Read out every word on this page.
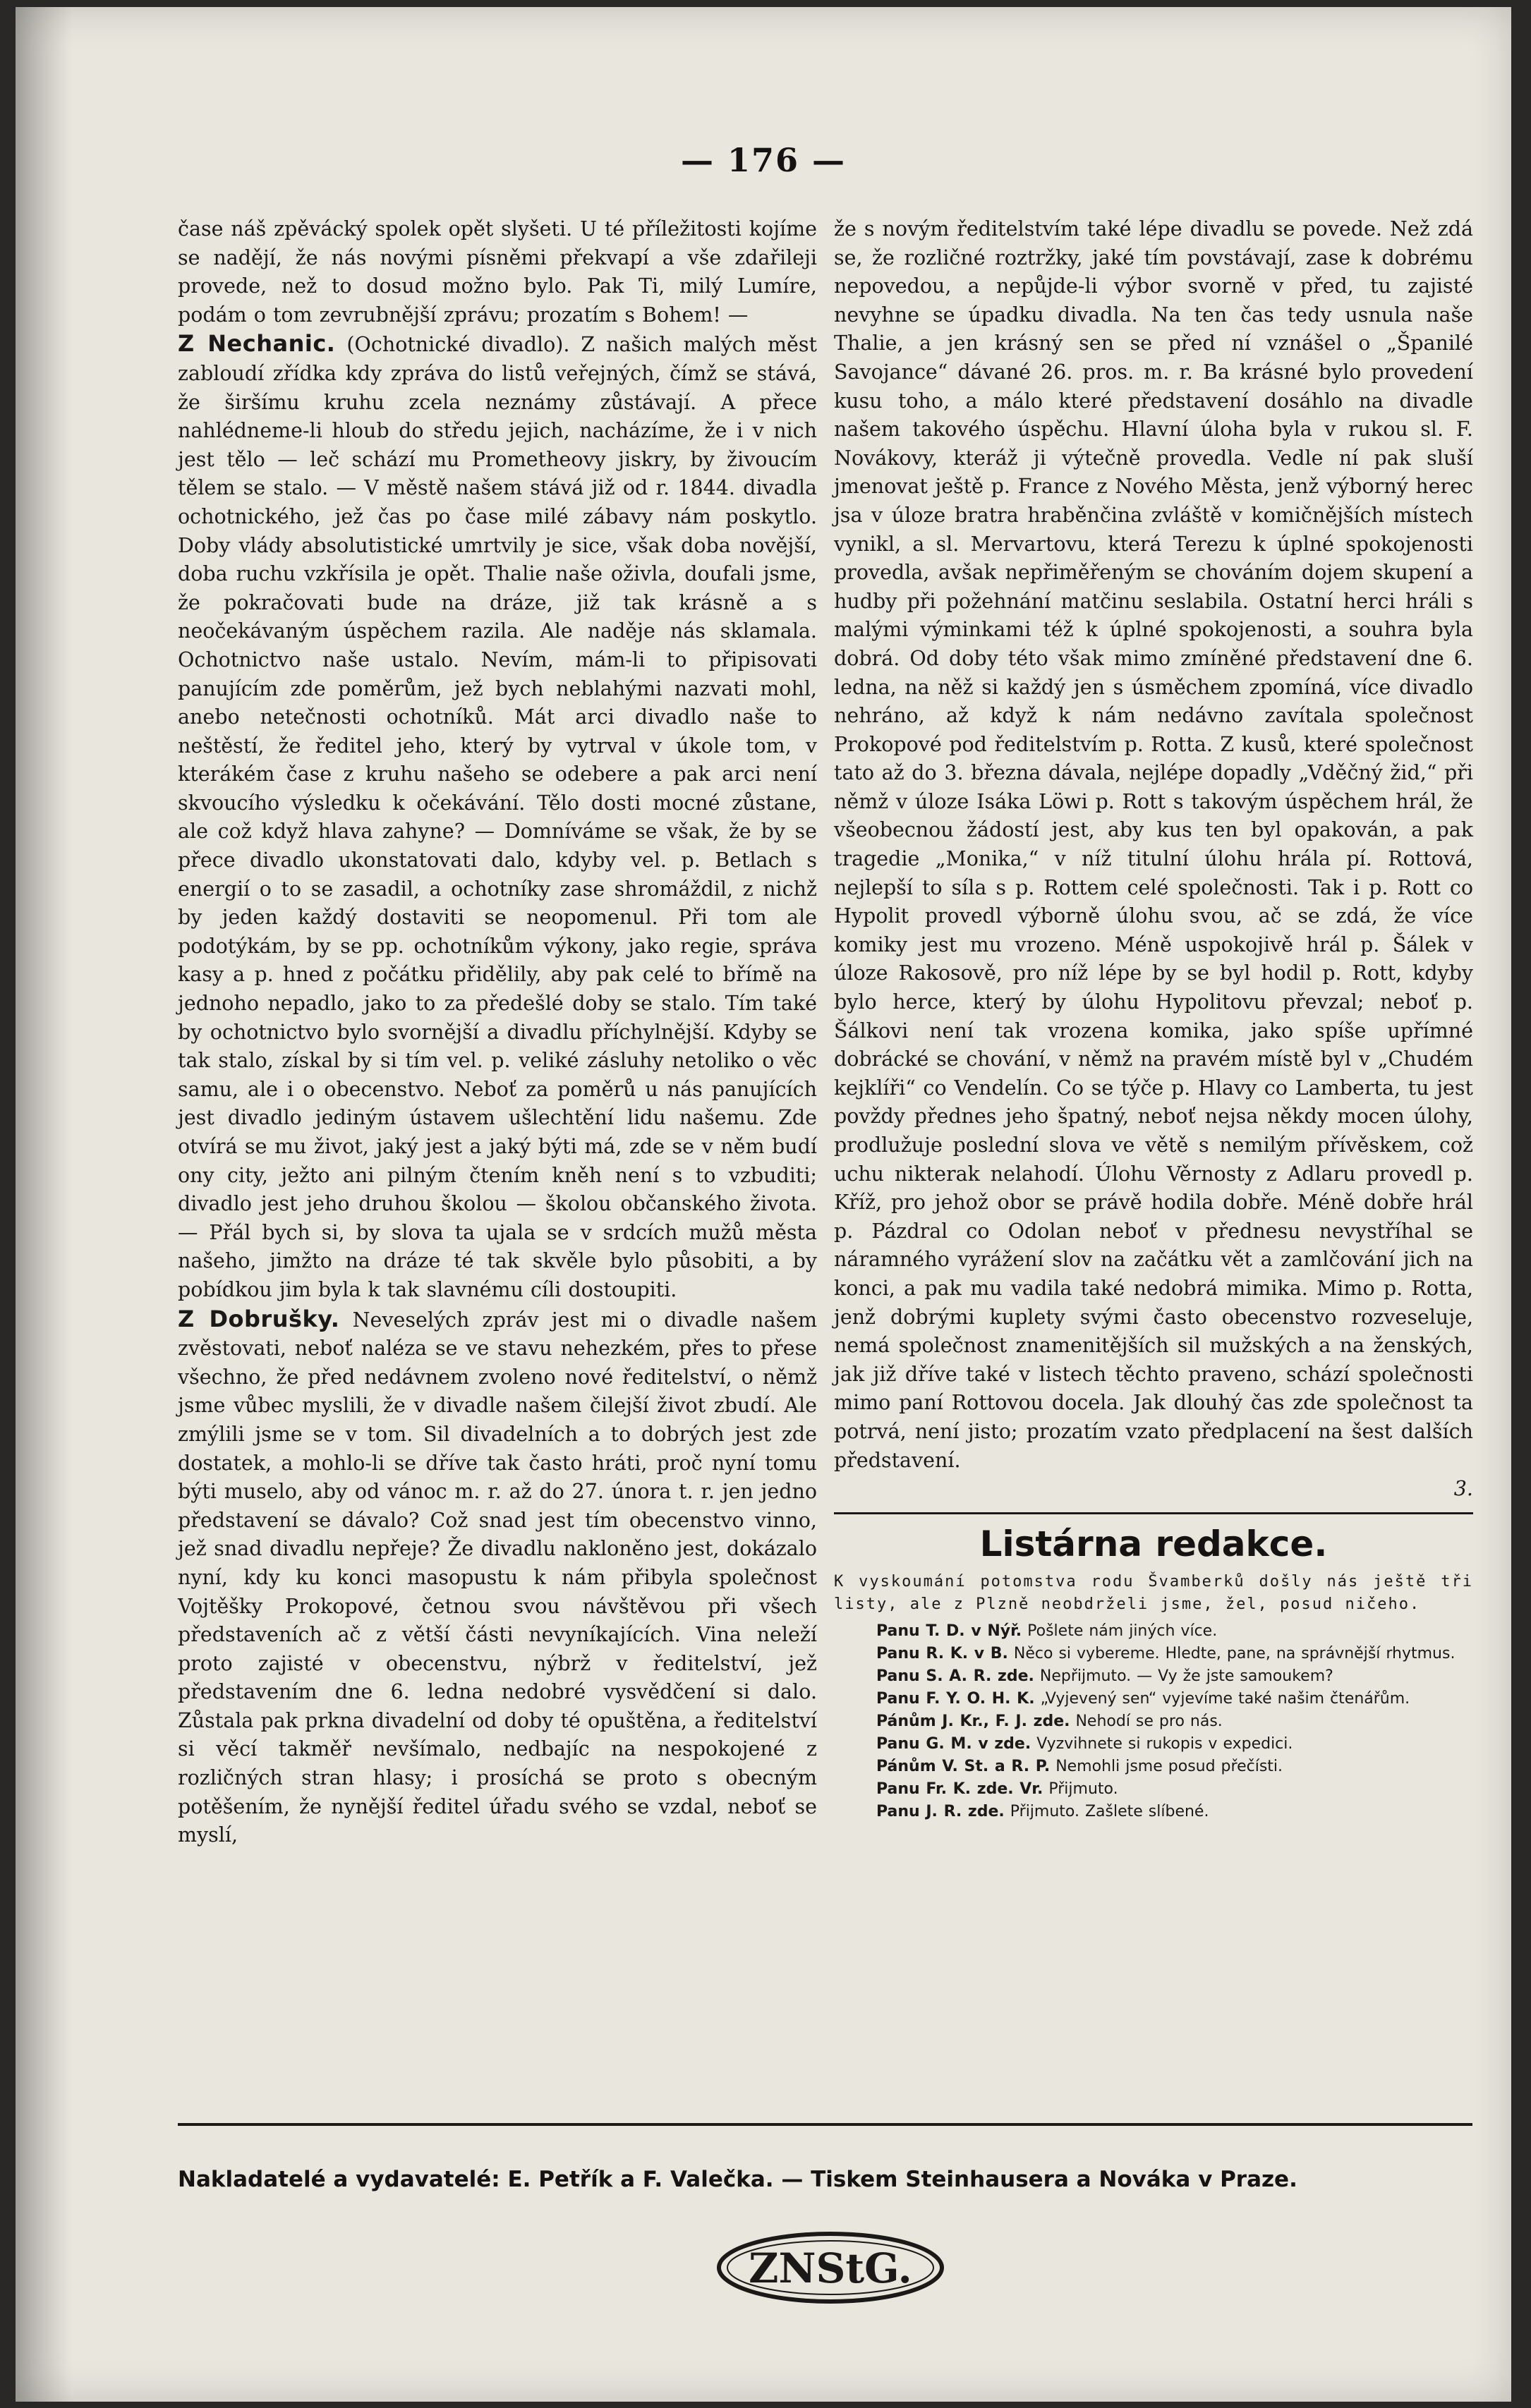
— 176 —

čase náš zpěvácký spolek opět slyšeti. U té příležitosti kojíme se nadějí, že nás novými písněmi překvapí a vše zdařileji provede, než to dosud možno bylo. Pak Ti, milý Lumíre, podám o tom zevrubnější zprávu; prozatím s Bohem! —

Z Nechanic. (Ochotnické divadlo). Z našich malých měst zabloudí zřídka kdy zpráva do listů veřejných, čímž se stává, že širšímu kruhu zcela neznámy zůstávají. A přece nahlédneme-li hloub do středu jejich, nacházíme, že i v nich jest tělo — leč schází mu Prometheovy jiskry, by živoucím tělem se stalo. — V městě našem stává již od r. 1844. divadla ochotnického, jež čas po čase milé zábavy nám poskytlo. Doby vlády absolutistické umrtvily je sice, však doba novější, doba ruchu vzkřísila je opět. Thalie naše oživla, doufali jsme, že pokračovati bude na dráze, již tak krásně a s neočekávaným úspěchem razila. Ale naděje nás sklamala. Ochotnictvo naše ustalo. Nevím, mám-li to připisovati panujícím zde poměrům, jež bych neblahými nazvati mohl, anebo netečnosti ochotníků. Mát arci divadlo naše to neštěstí, že ředitel jeho, který by vytrval v úkole tom, v kterákém čase z kruhu našeho se odebere a pak arci není skvoucího výsledku k očekávání. Tělo dosti mocné zůstane, ale což když hlava zahyne? — Domníváme se však, že by se přece divadlo ukonstatovati dalo, kdyby vel. p. Betlach s energií o to se zasadil, a ochotníky zase shromáždil, z nichž by jeden každý dostaviti se neopomenul. Při tom ale podotýkám, by se pp. ochotníkům výkony, jako regie, správa kasy a p. hned z počátku přidělily, aby pak celé to břímě na jednoho nepadlo, jako to za předešlé doby se stalo. Tím také by ochotnictvo bylo svornější a divadlu příchylnější. Kdyby se tak stalo, získal by si tím vel. p. veliké zásluhy netoliko o věc samu, ale i o obecenstvo. Neboť za poměrů u nás panujících jest divadlo jediným ústavem ušlechtění lidu našemu. Zde otvírá se mu život, jaký jest a jaký býti má, zde se v něm budí ony city, ježto ani pilným čtením kněh není s to vzbuditi; divadlo jest jeho druhou školou — školou občanského života. — Přál bych si, by slova ta ujala se v srdcích mužů města našeho, jimžto na dráze té tak skvěle bylo působiti, a by pobídkou jim byla k tak slavnému cíli dostoupiti.

Z Dobrušky. Neveselých zpráv jest mi o divadle našem zvěstovati, neboť naléza se ve stavu nehezkém, přes to přese všechno, že před nedávnem zvoleno nové ředitelství, o němž jsme vůbec myslili, že v divadle našem čilejší život zbudí. Ale zmýlili jsme se v tom. Sil divadelních a to dobrých jest zde dostatek, a mohlo-li se dříve tak často hráti, proč nyní tomu býti muselo, aby od vánoc m. r. až do 27. února t. r. jen jedno představení se dávalo? Což snad jest tím obecenstvo vinno, jež snad divadlu nepřeje? Že divadlu nakloněno jest, dokázalo nyní, kdy ku konci masopustu k nám přibyla společnost Vojtěšky Prokopové, četnou svou návštěvou při všech představeních ač z větší části nevyníkajících. Vina neleží proto zajisté v obecenstvu, nýbrž v ředitelství, jež představením dne 6. ledna nedobré vysvědčení si dalo. Zůstala pak prkna divadelní od doby té opuštěna, a ředitelství si věcí takměř nevšímalo, nedbajíc na nespokojené z rozličných stran hlasy; i prosíchá se proto s obecným potěšením, že nynější ředitel úřadu svého se vzdal, neboť se myslí,

že s novým ředitelstvím také lépe divadlu se povede. Než zdá se, že rozličné roztržky, jaké tím povstávají, zase k dobrému nepovedou, a nepůjde-li výbor svorně v před, tu zajisté nevyhne se úpadku divadla. Na ten čas tedy usnula naše Thalie, a jen krásný sen se před ní vznášel o „Španilé Savojance“ dávané 26. pros. m. r. Ba krásné bylo provedení kusu toho, a málo které představení dosáhlo na divadle našem takového úspěchu. Hlavní úloha byla v rukou sl. F. Novákovy, kteráž ji výtečně provedla. Vedle ní pak sluší jmenovat ještě p. France z Nového Města, jenž výborný herec jsa v úloze bratra hraběnčina zvláště v komičnějších místech vynikl, a sl. Mervartovu, která Terezu k úplné spokojenosti provedla, avšak nepřiměřeným se chováním dojem skupení a hudby při požehnání matčinu seslabila. Ostatní herci hráli s malými výminkami též k úplné spokojenosti, a souhra byla dobrá. Od doby této však mimo zmíněné představení dne 6. ledna, na něž si každý jen s úsměchem zpomíná, více divadlo nehráno, až když k nám nedávno zavítala společnost Prokopové pod ředitelstvím p. Rotta. Z kusů, které společnost tato až do 3. března dávala, nejlépe dopadly „Vděčný žid,“ při němž v úloze Isáka Löwi p. Rott s takovým úspěchem hrál, že všeobecnou žádostí jest, aby kus ten byl opakován, a pak tragedie „Monika,“ v níž titulní úlohu hrála pí. Rottová, nejlepší to síla s p. Rottem celé společnosti. Tak i p. Rott co Hypolit provedl výborně úlohu svou, ač se zdá, že více komiky jest mu vrozeno. Méně uspokojivě hrál p. Šálek v úloze Rakosově, pro níž lépe by se byl hodil p. Rott, kdyby bylo herce, který by úlohu Hypolitovu převzal; neboť p. Šálkovi není tak vrozena komika, jako spíše upřímné dobrácké se chování, v němž na pravém místě byl v „Chudém kejklíři“ co Vendelín. Co se týče p. Hlavy co Lamberta, tu jest povždy přednes jeho špatný, neboť nejsa někdy mocen úlohy, prodlužuje poslední slova ve větě s nemilým přívěskem, což uchu nikterak nelahodí. Úlohu Věrnosty z Adlaru provedl p. Kříž, pro jehož obor se právě hodila dobře. Méně dobře hrál p. Pázdral co Odolan neboť v přednesu nevystříhal se náramného vyrážení slov na začátku vět a zamlčování jich na konci, a pak mu vadila také nedobrá mimika. Mimo p. Rotta, jenž dobrými kuplety svými často obecenstvo rozveseluje, nemá společnost znamenitějších sil mužských a na ženských, jak již dříve také v listech těchto praveno, schází společnosti mimo paní Rottovou docela. Jak dlouhý čas zde společnost ta potrvá, není jisto; prozatím vzato předplacení na šest dalších představení.

3.

Listárna redakce.

K vyskoumání potomstva rodu Švamberků došly nás ještě tři listy, ale z Plzně neobdrželi jsme, žel, posud ničeho.

Panu T. D. v Nýř. Pošlete nám jiných více.
Panu R. K. v B. Něco si vybereme. Hledte, pane, na správnější rhytmus.
Panu S. A. R. zde. Nepřijmuto. — Vy že jste samoukem?
Panu F. Y. O. H. K. „Vyjevený sen“ vyjevíme také našim čtenářům.
Pánům J. Kr., F. J. zde. Nehodí se pro nás.
Panu G. M. v zde. Vyzvihnete si rukopis v expedici.
Pánům V. St. a R. P. Nemohli jsme posud přečísti.
Panu Fr. K. zde. Vr. Přijmuto.
Panu J. R. zde. Přijmuto. Zašlete slíbené.
Nakladatelé a vydavatelé: E. Petřík a F. Valečka. — Tiskem Steinhausera a Nováka v Praze.
ZNStG.
